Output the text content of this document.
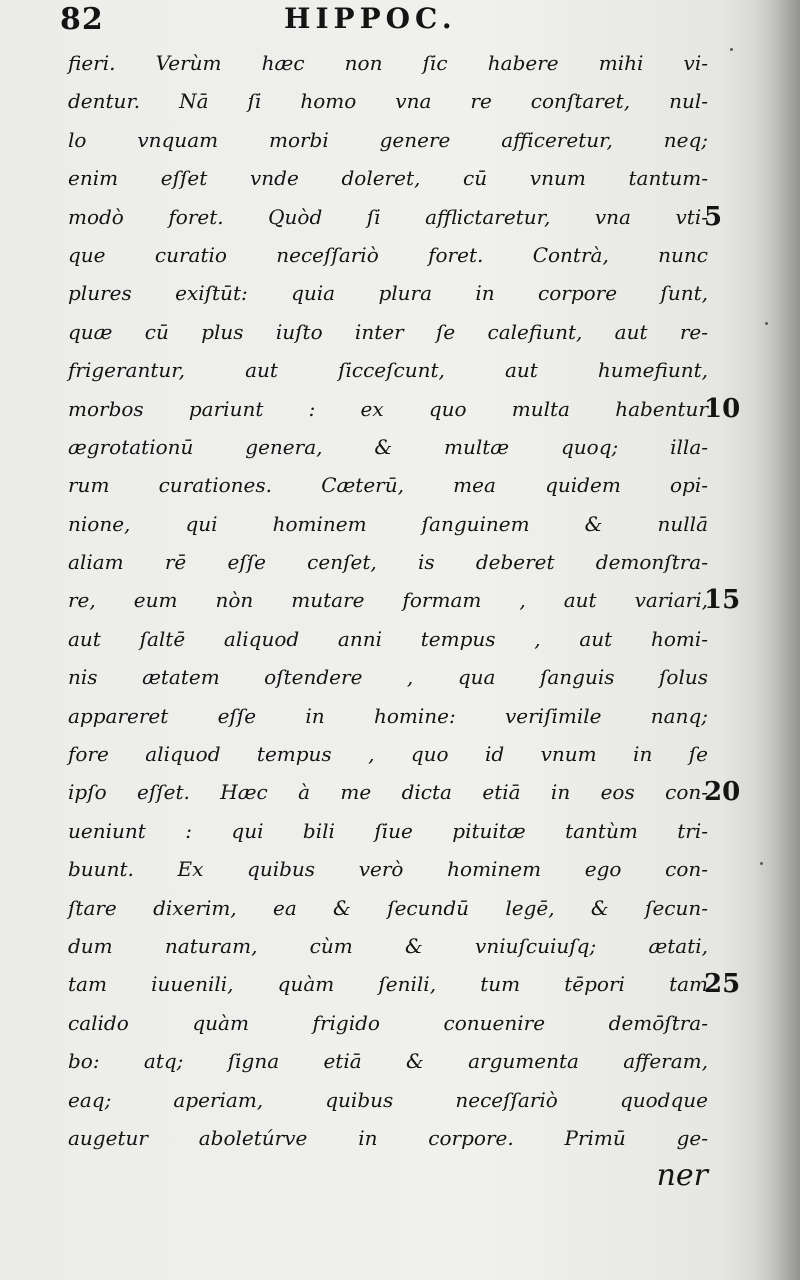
82	HIPPOC.
fieri. Verùm hæc non ſic habere mihi vi-
dentur. Nā ſi homo vna re conſtaret, nul-
lo vnquam morbi genere afficeretur, neq;
enim eſſet vnde doleret, cū vnum tantum-
modò foret. Quòd ſi afflictaretur, vna vti-
5
que curatio neceſſariò foret. Contrà, nunc
plures exiſtūt: quia plura in corpore ſunt,
quæ cū plus iuſto inter ſe calefiunt, aut re-
frigerantur, aut ſicceſcunt, aut humefiunt,
morbos pariunt : ex quo multa habentur
10
ægrotationū genera, & multæ quoq; illa-
rum curationes. Cæterū, mea quidem opi-
nione, qui hominem ſanguinem & nullā
aliam rē eſſe cenſet, is deberet demonſtra-
re, eum nòn mutare formam , aut variari,
15
aut ſaltē aliquod anni tempus , aut homi-
nis ætatem oſtendere , qua ſanguis ſolus
appareret eſſe in homine: veriſimile nanq;
fore aliquod tempus , quo id vnum in ſe
ipſo eſſet. Hæc à me dicta etiā in eos con-
20
ueniunt : qui bili ſiue pituitæ tantùm tri-
buunt. Ex quibus verò hominem ego con-
ſtare dixerim, ea & ſecundū legē, & ſecun-
dum naturam, cùm & vniuſcuiuſq; ætati,
tam iuuenili, quàm ſenili, tum tēpori tam
25
calido quàm frigido conuenire demōſtra-
bo: atq; ſigna etiā & argumenta afferam,
eaq; aperiam, quibus neceſſariò quodque
augetur aboletúrve in corpore. Primū ge-
ner
